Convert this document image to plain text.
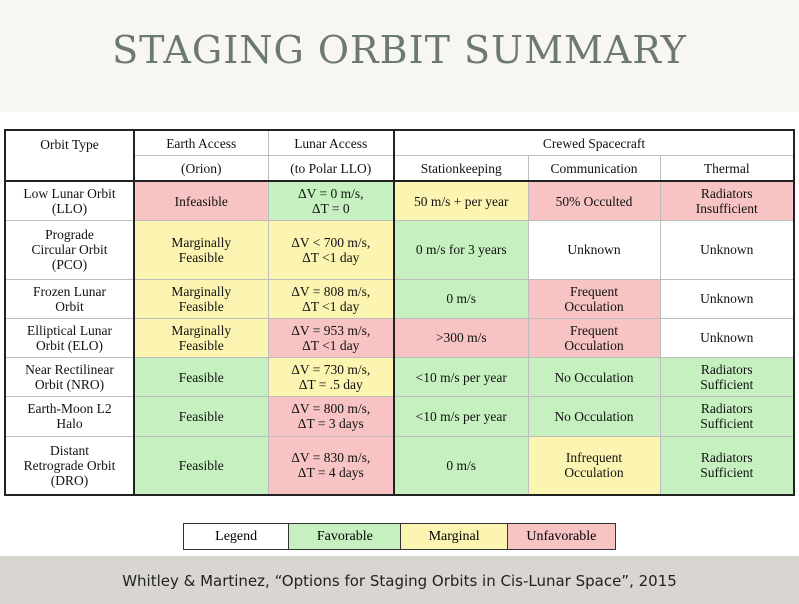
STAGING ORBIT SUMMARY
Orbit Type	Earth Access	Lunar Access	Crewed Spacecraft		
	(Orion)	(to Polar LLO)	Stationkeeping	Communication	Thermal

Low Lunar Orbit
(LLO)	Infeasible	ΔV = 0 m/s,
ΔT = 0	50 m/s + per year	50% Occulted	Radiators
Insufficient

Prograde
Circular Orbit
(PCO)	Marginally
Feasible	ΔV < 700 m/s,
ΔT <1 day	0 m/s for 3 years	Unknown	Unknown

Frozen Lunar
Orbit	Marginally
Feasible	ΔV = 808 m/s,
ΔT <1 day	0 m/s	Frequent
Occulation	Unknown

Elliptical Lunar
Orbit (ELO)	Marginally
Feasible	ΔV = 953 m/s,
ΔT <1 day	>300 m/s	Frequent
Occulation	Unknown

Near Rectilinear
Orbit (NRO)	Feasible	ΔV = 730 m/s,
ΔT = .5 day	<10 m/s per year	No Occulation	Radiators
Sufficient

Earth-Moon L2
Halo	Feasible	ΔV = 800 m/s,
ΔT = 3 days	<10 m/s per year	No Occulation	Radiators
Sufficient

Distant
Retrograde Orbit
(DRO)	Feasible	ΔV = 830 m/s,
ΔT = 4 days	0 m/s	Infrequent
Occulation	Radiators
Sufficient
Legend	Favorable	Marginal	Unfavorable
Whitley & Martinez, “Options for Staging Orbits in Cis-Lunar Space”, 2015
